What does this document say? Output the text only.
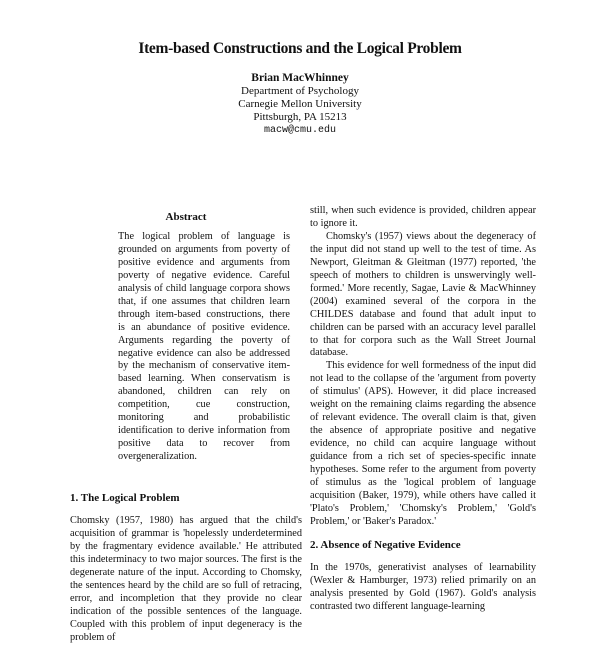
Item-based Constructions and the Logical Problem
Brian MacWhinney
Department of Psychology
Carnegie Mellon University
Pittsburgh, PA 15213
macw@cmu.edu
Abstract

The logical problem of language is grounded on arguments from poverty of positive evidence and arguments from poverty of negative evidence. Careful analysis of child language corpora shows that, if one assumes that children learn through item-based constructions, there is an abundance of positive evidence. Arguments regarding the poverty of negative evidence can also be addressed by the mechanism of conservative item-based learning. When conservatism is abandoned, children can rely on competition, cue construction, monitoring and probabilistic identification to derive information from positive data to recover from overgeneralization.

1. The Logical Problem

Chomsky (1957, 1980) has argued that the child's acquisition of grammar is 'hopelessly underdetermined by the fragmentary evidence available.' He attributed this indeterminacy to two major sources. The first is the degenerate nature of the input. According to Chomsky, the sentences heard by the child are so full of retracing, error, and incompletion that they provide no clear indication of the possible sentences of the language. Coupled with this problem of input degeneracy is the problem of

still, when such evidence is provided, children appear to ignore it.

Chomsky's (1957) views about the degeneracy of the input did not stand up well to the test of time. As Newport, Gleitman & Gleitman (1977) reported, 'the speech of mothers to children is unswervingly well-formed.' More recently, Sagae, Lavie & MacWhinney (2004) examined several of the corpora in the CHILDES database and found that adult input to children can be parsed with an accuracy level parallel to that for corpora such as the Wall Street Journal database.

This evidence for well formedness of the input did not lead to the collapse of the 'argument from poverty of stimulus' (APS). However, it did place increased weight on the remaining claims regarding the absence of relevant evidence. The overall claim is that, given the absence of appropriate positive and negative evidence, no child can acquire language without guidance from a rich set of species-specific innate hypotheses. Some refer to the argument from poverty of stimulus as the 'logical problem of language acquisition (Baker, 1979), while others have called it 'Plato's Problem,' 'Chomsky's Problem,' 'Gold's Problem,' or 'Baker's Paradox.'

2. Absence of Negative Evidence

In the 1970s, generativist analyses of learnability (Wexler & Hamburger, 1973) relied primarily on an analysis presented by Gold (1967). Gold's analysis contrasted two different language-learning
